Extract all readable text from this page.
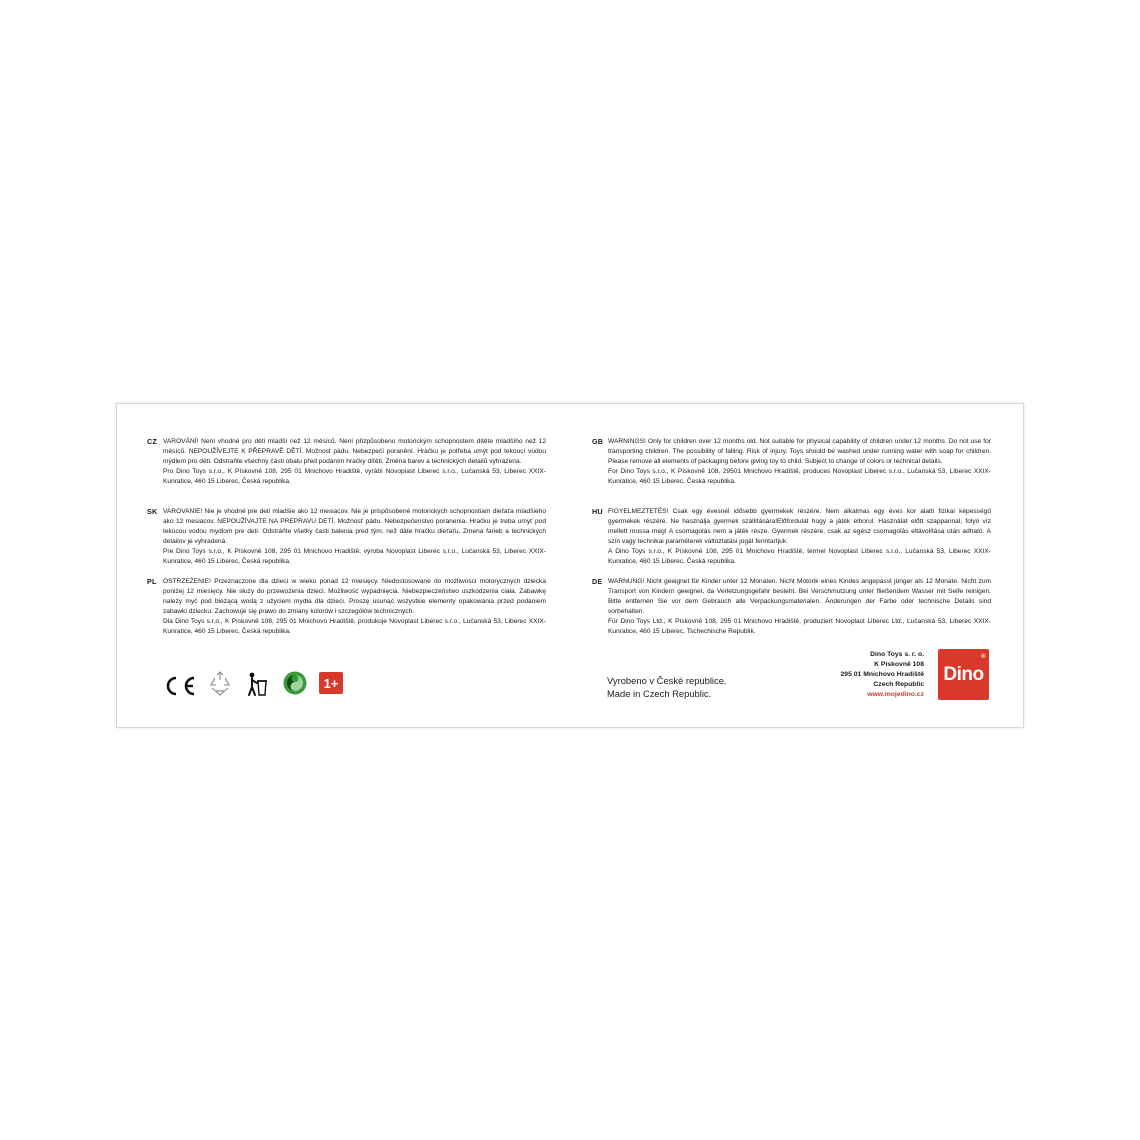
CZ VAROVÁNÍ! Není vhodné pro děti mladší než 12 měsíců. Není přizpůsobeno motorickým schopnostem dítěte mladšího než 12 měsíců. NEPOUŽÍVEJTE K PŘEPRAVĚ DĚTÍ. Možnost pádu. Nebezpečí poranění. Hračku je potřeba umýt pod tekoucí vodou mýdlem pro děti. Odstraňte všechny části obalu před podáním hračky dítěti. Změna barev a technických detailů vyhrazena.

Pro Dino Toys s.r.o., K Pískovně 108, 295 01 Mnichovo Hradiště, vyrábí Novoplast Liberec s.r.o., Lučanská 53, Liberec XXIX-Kunratice, 460 15 Liberec, Česká republika.

SK VAROVANIE! Nie je vhodné pre deti mladšie ako 12 mesiacov. Nie je prispôsobené motorických schopnostiam dieťaťa mladšieho ako 12 mesiacov. NEPOUŽÍVAJTE NA PREPRAVU DETÍ. Možnosť pádu. Nebezpečenstvo poranenia. Hračku je treba umyť pod tekúcou vodou mydlom pre deti. Odstráňte všetky časti balenia pred tým, než dáte hračku dieťaťu. Zmena fariеb a technických detailov je vyhradená.

Pre Dino Toys s.r.o., K Pískovně 108, 295 01 Mnichovo Hradiště, výroba Novoplast Liberec s.r.o., Lučanská 53, Liberec XXIX-Kunratice, 460 15 Liberec, Česká republika.

PL OSTRZEŻENIE! Przeznaczone dla dzieci w wieku ponad 12 miesięcy. Niedostosowane do możliwości motorycznych dziecka poniżej 12 miesięcy. Nie służy do przewożenia dzieci. Możliwość wypadnięcia. Niebezpieczeństwo uszkodzenia ciała. Zabawkę należy myć pod bieżącą wodą z użyciem mydła dla dzieci. Proszę usunąć wszystkie elementy opakowania przed podaniem zabawki dziecku. Zachowuje się prawo do zmiany kolorów i szczegółów technicznych.

Dla Dino Toys s.r.o., K Pískovně 108, 295 01 Mnichovo Hradiště, produkuje Novoplast Liberec s.r.o., Lučanská 53, Liberec XXIX-Kunratice, 460 15 Liberec, Česká republika.

GB WARNINGS! Only for children over 12 months old. Not suitable for physical capability of children under 12 months. Do not use for transporting children. The possibility of falling. Risk of injury. Toys should be washed under running water with soap for children. Please remove all elements of packaging before giving toy to child. Subject to change of colors or technical details.

For Dino Toys s.r.o., K Pískovně 108, 29501 Mnichovo Hradiště, produces Novoplast Liberec s.r.o., Lučanská 53, Liberec XXIX-Kunratice, 460 15 Liberec, Česká republika.

HU FIGYELMEZTETÉS! Csak egy évesnél idősebb gyermekek részére. Nem alkalmas egy éves kor alatti fizikai képességű gyermekek részére. Ne használja gyermek szállítására!Előfordulat hogy a játék elborul. Használat előtt szappannal, folyó víz mellett mossa meg! A csomagolás nem a játék része. Gyermek részére, csak az egész csomagolás eltávolítása után adható. A szín vagy technikai paraméterek változtatási jogát fenntartjuk.

A Dino Toys s.r.o., K Pískovně 108, 295 01 Mnichovo Hradiště, termel Novoplast Liberec s.r.o., Lučanská 53, Liberec XXIX-Kunratice, 460 15 Liberec, Česká republika.

DE WARNUNG! Nicht geeignet für Kinder unter 12 Monaten. Nicht Motorik eines Kindes angepasst jünger als 12 Monate. Nicht zum Transport von Kindern geeignet, da Verletzungsgefahr besteht. Bei Verschmutzung unter fließendem Wasser mit Seife reinigen. Bitte entfernen Sie vor dem Gebrauch alle Verpackungsmaterialen. Änderungen der Farbe oder technische Details sind vorbehalten.

Für Dino Toys Ltd., K Pískovně 108, 295 01 Mnichovo Hradiště, produziert Novoplast Liberec Ltd., Lučanská 53, Liberec XXIX-Kunratice, 460 15 Liberec, Tschechische Republik.

1+	Vyrobeno v České republice.
Made in Czech Republic.
Dino Toys s. r. o.
K Pískovně 108
295 01 Mnichovo Hradiště
Czech Republic
www.mojedino.cz
Dino
®
